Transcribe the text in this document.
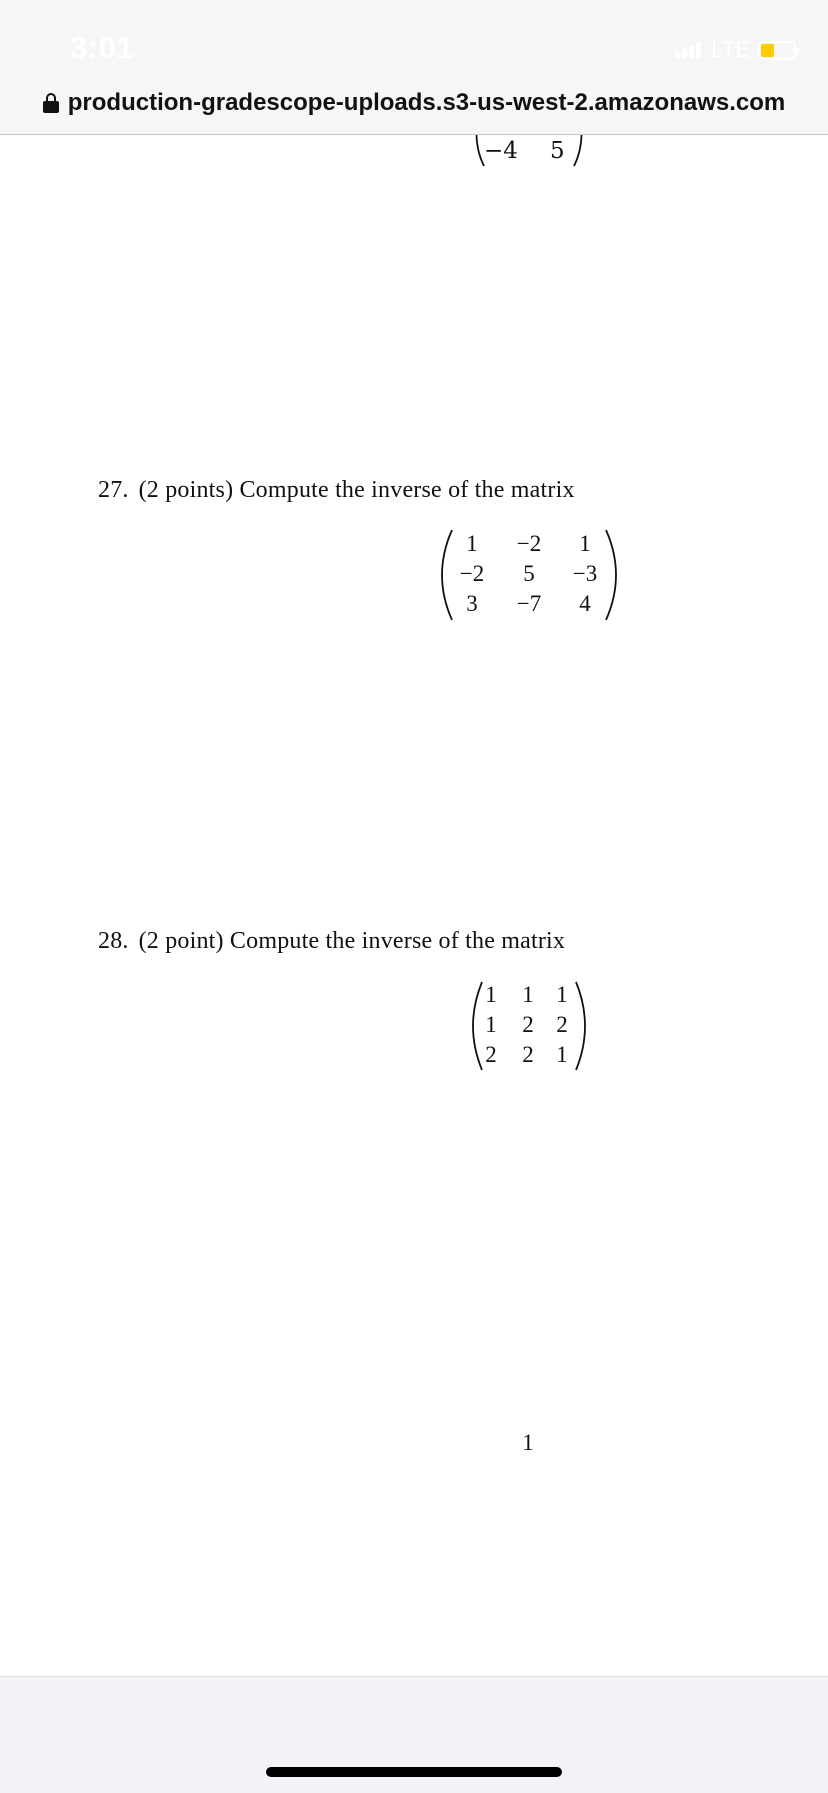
−4 5
27. (2 points) Compute the inverse of the matrix
1	−2	1
−2	5	−3
3	−7	4
28. (2 point) Compute the inverse of the matrix
1	1 1
1	2 2
2	2 1
1
3:01	LTE
production-gradescope-uploads.s3-us-west-2.amazonaws.com
